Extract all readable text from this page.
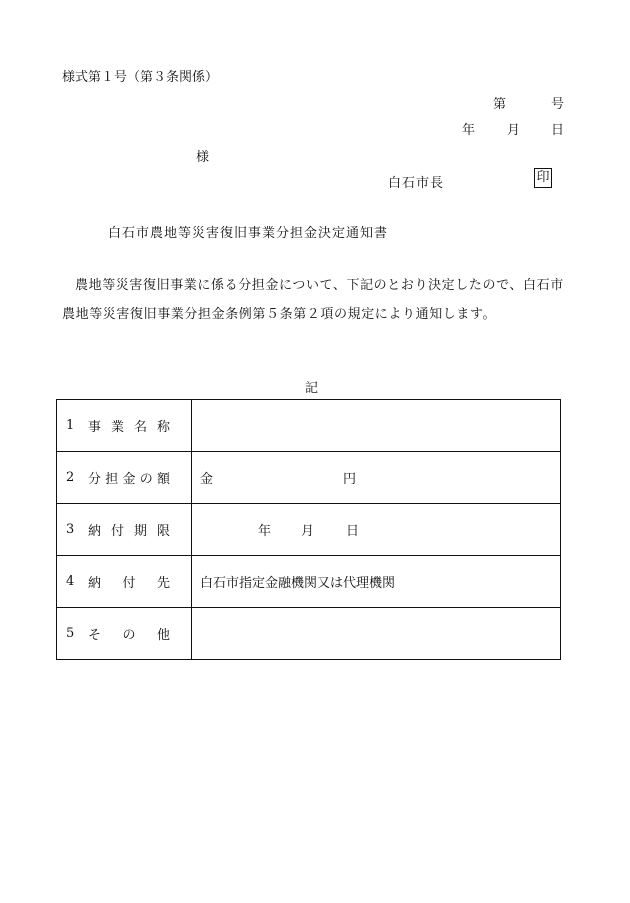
様式第１号（第３条関係）
第	号
年 月 日
様
白石市長	印
白石市農地等災害復旧事業分担金決定通知書
農地等災害復旧事業に係る分担金について、下記のとおり決定したので、白石市農地等災害復旧事業分担金条例第５条第２項の規定により通知します。
記
1 事業名称	
2 分担金の額	金 円
3 納付期限	年 月 日
4 納付先	白石市指定金融機関又は代理機関
5 その他	
